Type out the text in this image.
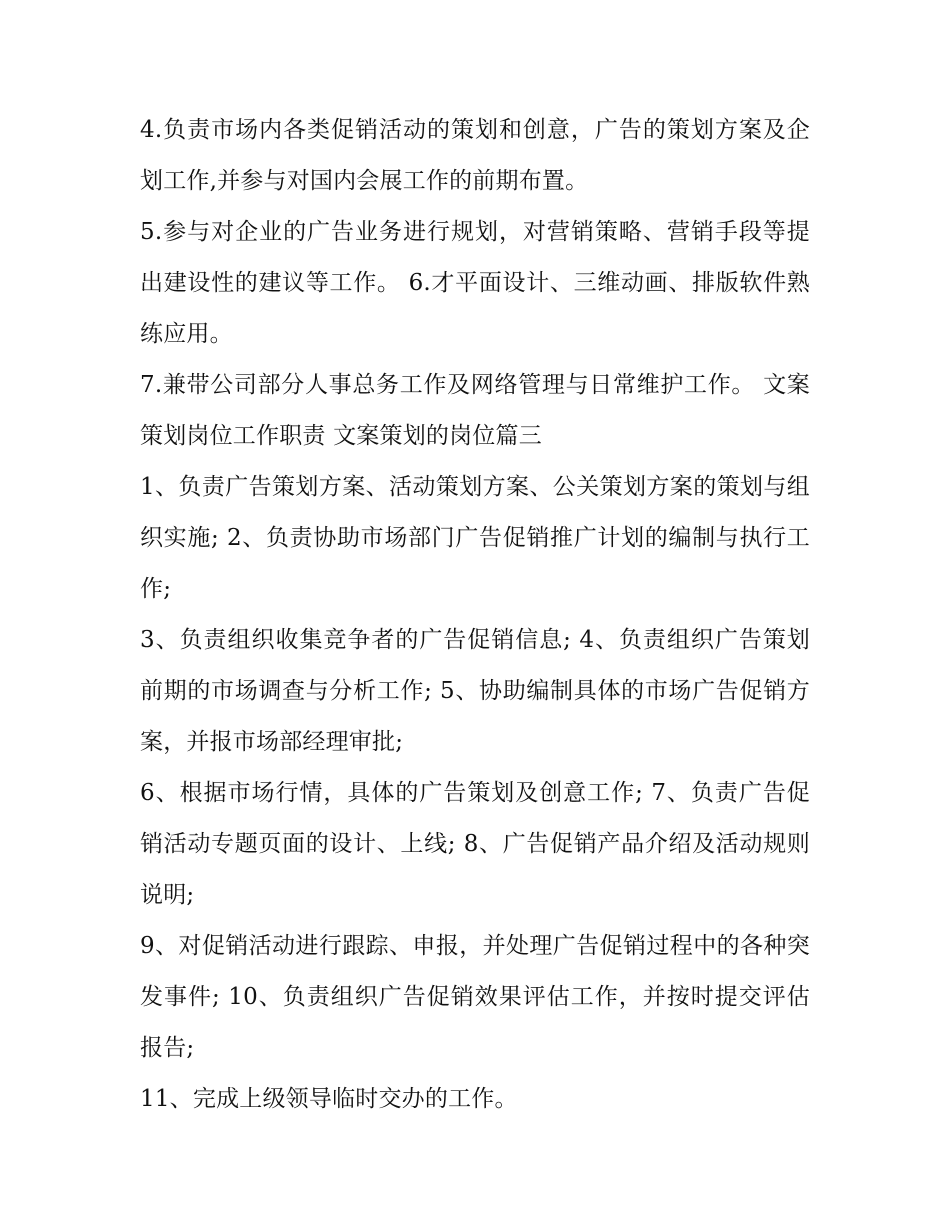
4.负责市场内各类促销活动的策划和创意，广告的策划方案及企划工作,并参与对国内会展工作的前期布置。

5.参与对企业的广告业务进行规划，对营销策略、营销手段等提出建设性的建议等工作。 6.才平面设计、三维动画、排版软件熟练应用。

7.兼带公司部分人事总务工作及网络管理与日常维护工作。 文案策划岗位工作职责 文案策划的岗位篇三

1、负责广告策划方案、活动策划方案、公关策划方案的策划与组织实施; 2、负责协助市场部门广告促销推广计划的编制与执行工作;

3、负责组织收集竞争者的广告促销信息; 4、负责组织广告策划前期的市场调查与分析工作; 5、协助编制具体的市场广告促销方案，并报市场部经理审批;

6、根据市场行情，具体的广告策划及创意工作; 7、负责广告促销活动专题页面的设计、上线; 8、广告促销产品介绍及活动规则说明;

9、对促销活动进行跟踪、申报，并处理广告促销过程中的各种突发事件; 10、负责组织广告促销效果评估工作，并按时提交评估报告;

11、完成上级领导临时交办的工作。
